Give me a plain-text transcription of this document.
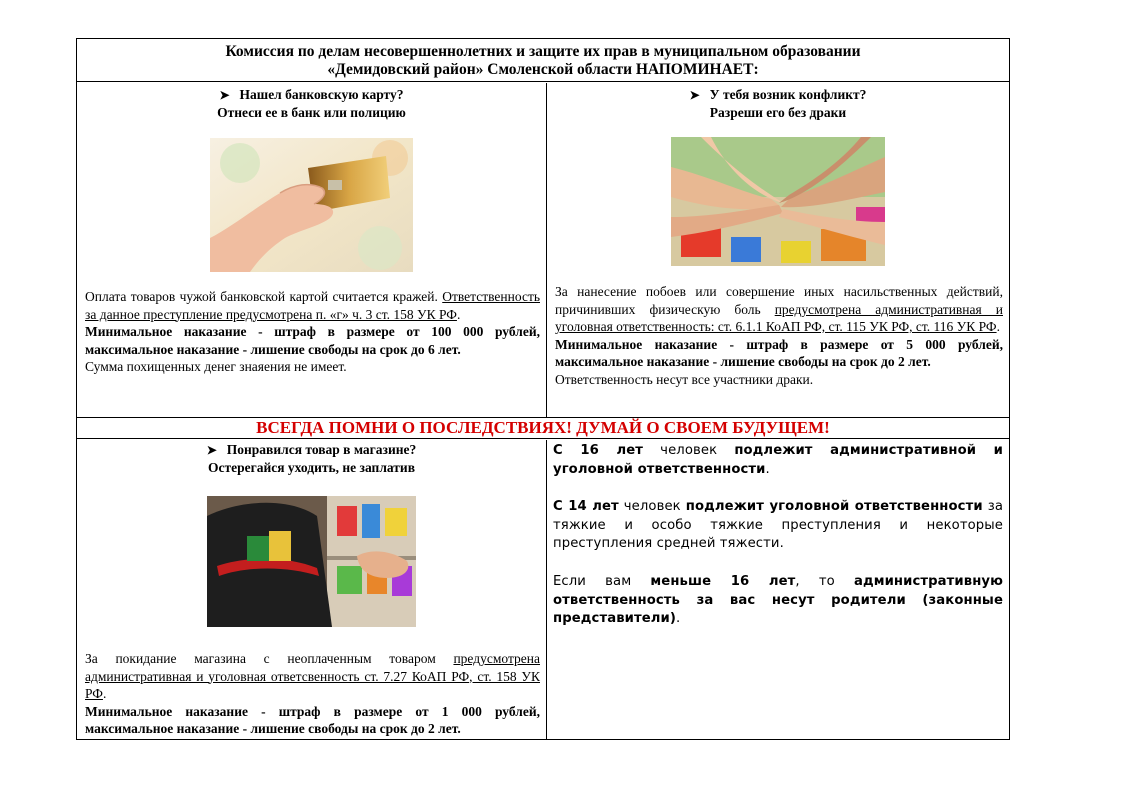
Комиссия по делам несовершеннолетних и защите их прав в муниципальном образовании
«Демидовский район» Смоленской области НАПОМИНАЕТ:
➤ Нашел банковскую карту?
Отнеси ее в банк или полицию
Оплата товаров чужой банковской картой считается кражей. Ответственность за данное преступление предусмотрена п. «г» ч. 3 ст. 158 УК РФ.
Минимальное наказание - штраф в размере от 100 000 рублей, максимальное наказание - лишение свободы на срок до 6 лет.
Сумма похищенных денег знаяения не имеет.
➤ У тебя возник конфликт?
Разреши его без драки
За нанесение побоев или совершение иных насильственных действий, причинивших физическую боль предусмотрена административная и уголовная ответственность: ст. 6.1.1 КоАП РФ, ст. 115 УК РФ, ст. 116 УК РФ.
Минимальное наказание - штраф в размере от 5 000 рублей, максимальное наказание - лишение свободы на срок до 2 лет.
Ответственность несут все участники драки.
ВСЕГДА ПОМНИ О ПОСЛЕДСТВИЯХ! ДУМАЙ О СВОЕМ БУДУЩЕМ!
➤ Понравился товар в магазине?
Остерегайся уходить, не заплатив
За покидание магазина с неоплаченным товаром предусмотрена административная и уголовная ответсвенность ст. 7.27 КоАП РФ, ст. 158 УК РФ.
Минимальное наказание - штраф в размере от 1 000 рублей, максимальное наказание - лишение свободы на срок до 2 лет.

С 16 лет человек подлежит административной и уголовной ответственности.

С 14 лет человек подлежит уголовной ответственности за тяжкие и особо тяжкие преступления и некоторые преступления средней тяжести.

Если вам меньше 16 лет, то административную ответственность за вас несут родители (законные представители).
